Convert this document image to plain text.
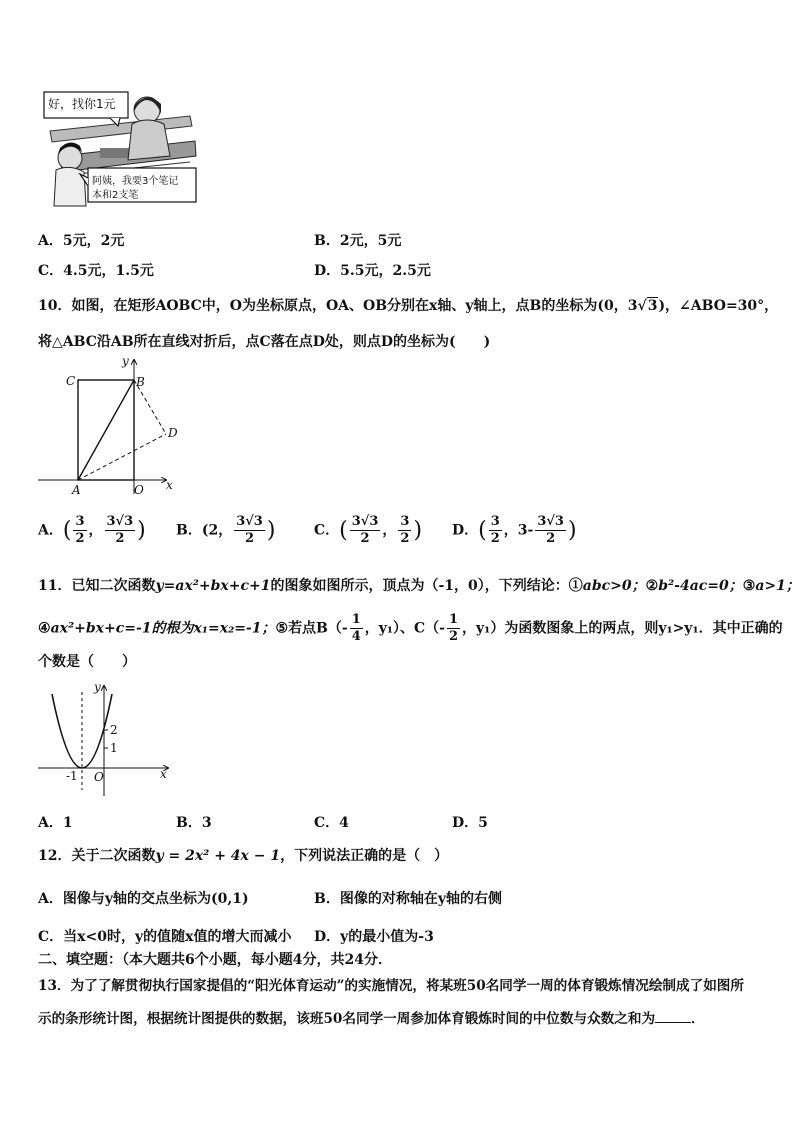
好，找你1元
阿姨，我要3个笔记
本和2支笔
A．5元，2元	B．2元，5元
C．4.5元，1.5元	D．5.5元，2.5元
10．如图，在矩形AOBC中，O为坐标原点，OA、OB分别在x轴、y轴上，点B的坐标为(0，3√3)，∠ABO=30°，
将△ABC沿AB所在直线对折后，点C落在点D处，则点D的坐标为(　　)
C	B
y
D
A	O x
A．( $\frac{3}{2}$ ， $\frac{3√3}{2}$ ) B．(2， $\frac{3√3}{2}$ )	C．( $\frac{3√3}{2}$ ， $\frac{3}{2}$ ) D．( $\frac{3}{2}$ ，$3- \frac{3√3}{2}$ )
11．已知二次函数y=ax²+bx+c+1的图象如图所示，顶点为（-1，0），下列结论：①abc>0；②b²-4ac=0；③a>1；
④ax²+bx+c=-1的根为x₁=x₂=-1；⑤若点$B(- \frac{1}{4}$ ，y₁）、$C(- \frac{1}{2}$ ，y₁）为函数图象上的两点，则y₁>y₁．其中正确的
个数是（　　）
y
2
1
-1 O	x
A．1	B．3	C．4	D．5
12．关于二次函数y = 2x² + 4x − 1，下列说法正确的是（　）
A．图像与y轴的交点坐标为(0,1)	B．图像的对称轴在y轴的右侧
C．当x<0时，y的值随x值的增大而减小 D．y的最小值为-3
二、填空题：（本大题共6个小题，每小题4分，共24分．
13．为了了解贯彻执行国家提倡的“阳光体育运动”的实施情况，将某班50名同学一周的体育锻炼情况绘制成了如图所
示的条形统计图，根据统计图提供的数据，该班50名同学一周参加体育锻炼时间的中位数与众数之和为	．
